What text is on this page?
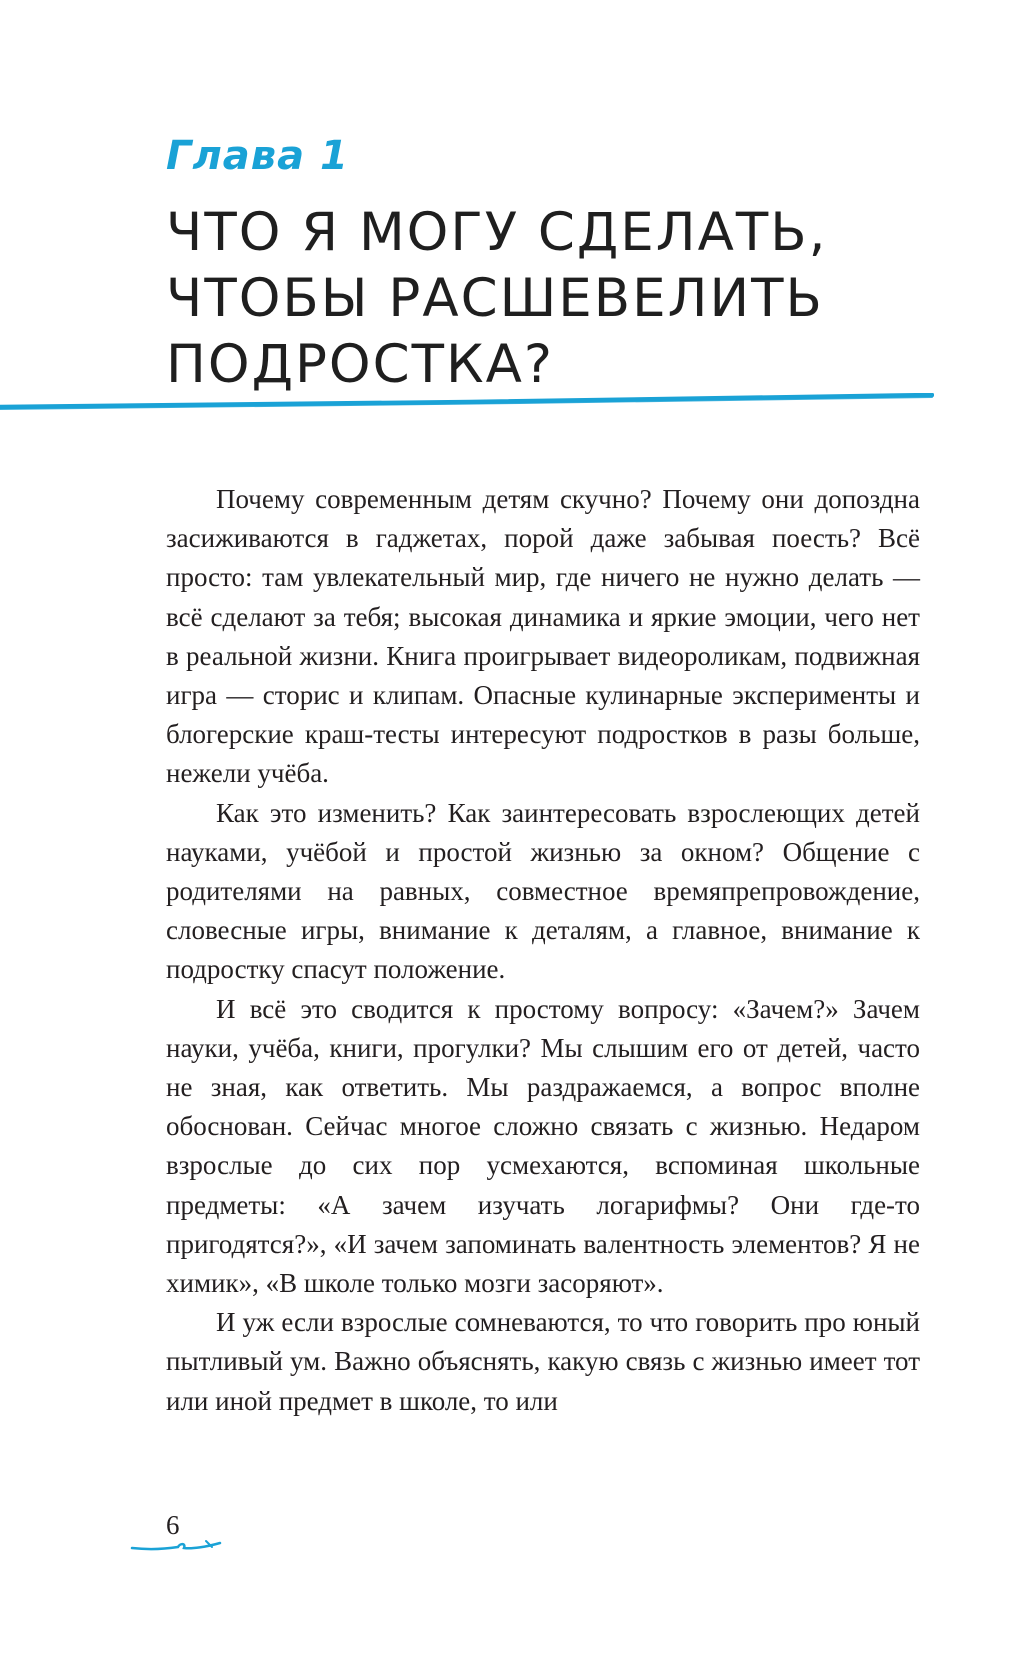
Глава 1
ЧТО Я МОГУ СДЕЛАТЬ,
ЧТОБЫ РАСШЕВЕЛИТЬ
ПОДРОСТКА?

Почему современным детям скучно? Почему они допоздна засиживаются в гаджетах, порой даже забывая поесть? Всё просто: там увлекательный мир, где ничего не нужно делать — всё сделают за тебя; высокая динамика и яркие эмоции, чего нет в реальной жизни. Книга проигрывает видеороликам, подвижная игра — сторис и клипам. Опасные кулинарные эксперименты и блогерские краш-тесты интересуют подростков в разы больше, нежели учёба.

Как это изменить? Как заинтересовать взрослеющих детей науками, учёбой и простой жизнью за окном? Общение с родителями на равных, совместное времяпрепровождение, словесные игры, внимание к деталям, а главное, внимание к подростку спасут положение.

И всё это сводится к простому вопросу: «Зачем?» Зачем науки, учёба, книги, прогулки? Мы слышим его от детей, часто не зная, как ответить. Мы раздражаемся, а вопрос вполне обоснован. Сейчас многое сложно связать с жизнью. Недаром взрослые до сих пор усмехаются, вспоминая школьные предметы: «А зачем изучать логарифмы? Они где-то пригодятся?», «И зачем запоминать валентность элементов? Я не химик», «В школе только мозги засоряют».

И уж если взрослые сомневаются, то что говорить про юный пытливый ум. Важно объяснять, какую связь с жизнью имеет тот или иной предмет в школе, то или

6
